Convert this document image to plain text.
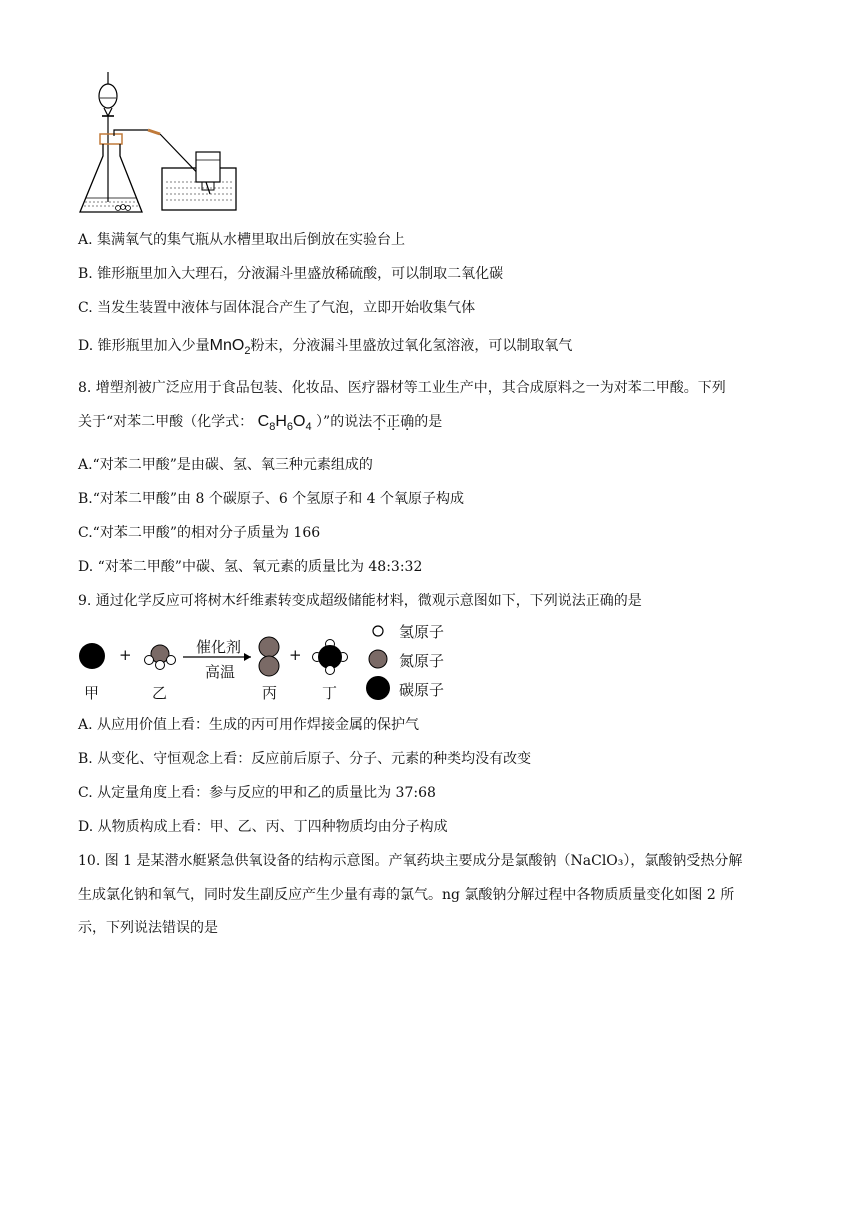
A. 集满氧气的集气瓶从水槽里取出后倒放在实验台上
B. 锥形瓶里加入大理石，分液漏斗里盛放稀硫酸，可以制取二氧化碳
C. 当发生装置中液体与固体混合产生了气泡，立即开始收集气体
D. 锥形瓶里加入少量MnO$_2$粉末，分液漏斗里盛放过氧化氢溶液，可以制取氧气
8. 增塑剂被广泛应用于食品包装、化妆品、医疗器材等工业生产中，其合成原料之一为对苯二甲酸。下列
关于“对苯二甲酸（化学式： $C_8H_6O_4$ ）”的说法不正确的是
A.“对苯二甲酸”是由碳、氢、氧三种元素组成的
B.“对苯二甲酸”由 8 个碳原子、6 个氢原子和 4 个氧原子构成
C.“对苯二甲酸”的相对分子质量为 166
D. “对苯二甲酸”中碳、氢、氧元素的质量比为 48:3:32
9. 通过化学反应可将树木纤维素转变成超级储能材料，微观示意图如下，下列说法正确的是
+	催化剂
高温
+
甲	乙	丙	丁
氢原子
氮原子
碳原子
A. 从应用价值上看：生成的丙可用作焊接金属的保护气
B. 从变化、守恒观念上看：反应前后原子、分子、元素的种类均没有改变
C. 从定量角度上看：参与反应的甲和乙的质量比为 37:68
D. 从物质构成上看：甲、乙、丙、丁四种物质均由分子构成
10. 图 1 是某潜水艇紧急供氧设备的结构示意图。产氧药块主要成分是氯酸钠（NaClO₃），氯酸钠受热分解
生成氯化钠和氧气，同时发生副反应产生少量有毒的氯气。ng 氯酸钠分解过程中各物质质量变化如图 2 所
示，下列说法错误的是
